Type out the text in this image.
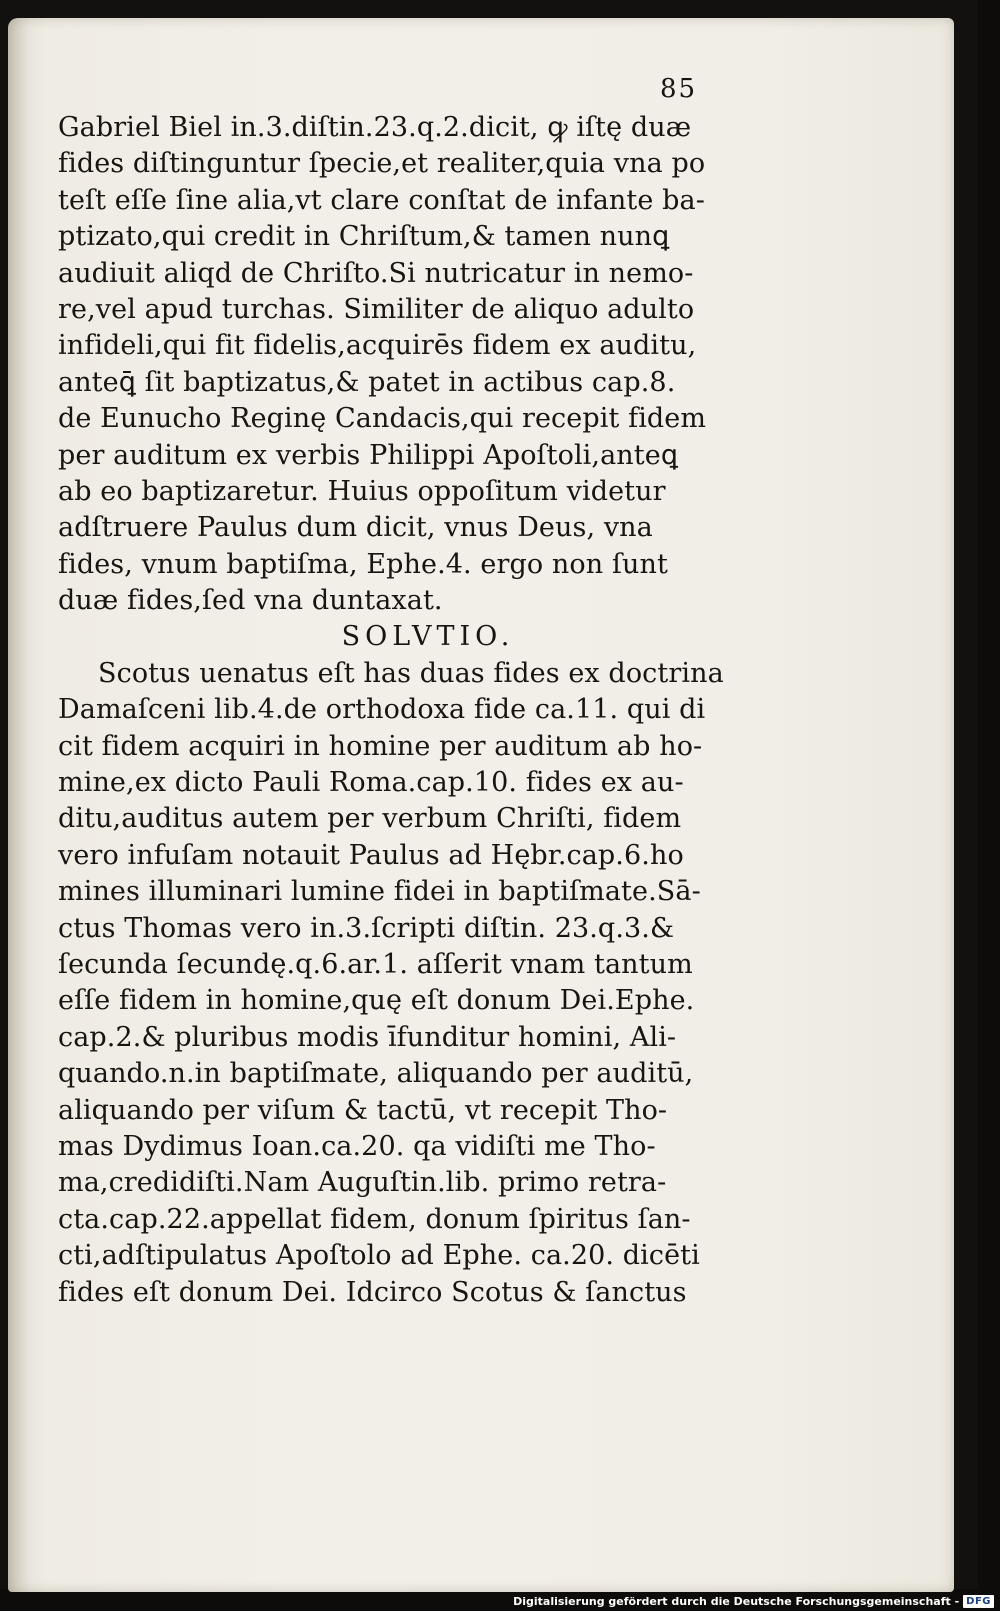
85
Gabriel Biel in.3.diſtin.23.q.2.dicit, ꝙ iſtę duæ
fides diſtinguntur ſpecie,et realiter,quia vna po
teſt eſſe ſine alia,vt clare conſtat de infante ba-
ptizato,qui credit in Chriſtum,& tamen nunꝗ
audiuit aliqd de Chriſto.Si nutricatur in nemo-
re,vel apud turchas. Similiter de aliquo adulto
infideli,qui fit fidelis,acquirēs fidem ex auditu,
anteꝗ̄ ſit baptizatus,& patet in actibus cap.8.
de Eunucho Reginę Candacis,qui recepit fidem
per auditum ex verbis Philippi Apoſtoli,anteꝗ
ab eo baptizaretur. Huius oppoſitum videtur
adſtruere Paulus dum dicit, vnus Deus, vna
fides, vnum baptiſma, Ephe.4. ergo non ſunt
duæ fides,ſed vna duntaxat.
SOLVTIO.
Scotus uenatus eſt has duas fides ex doctrina
Damaſceni lib.4.de orthodoxa fide ca.11. qui di
cit fidem acquiri in homine per auditum ab ho-
mine,ex dicto Pauli Roma.cap.10. fides ex au-
ditu,auditus autem per verbum Chriſti, fidem
vero infuſam notauit Paulus ad Hębr.cap.6.ho
mines illuminari lumine fidei in baptiſmate.Sā-
ctus Thomas vero in.3.ſcripti diſtin. 23.q.3.&
ſecunda ſecundę.q.6.ar.1. aſſerit vnam tantum
eſſe fidem in homine,quę eſt donum Dei.Ephe.
cap.2.& pluribus modis īfunditur homini, Ali-
quando.n.in baptiſmate, aliquando per auditū,
aliquando per viſum & tactū, vt recepit Tho-
mas Dydimus Ioan.ca.20. qa vidiſti me Tho-
ma,credidiſti.Nam Auguſtin.lib. primo retra-
cta.cap.22.appellat fidem, donum ſpiritus ſan-
cti,adſtipulatus Apoſtolo ad Ephe. ca.20. dicēti
fides eſt donum Dei. Idcirco Scotus & ſanctus
Digitalisierung gefördert durch die Deutsche Forschungsgemeinschaft - DFG
